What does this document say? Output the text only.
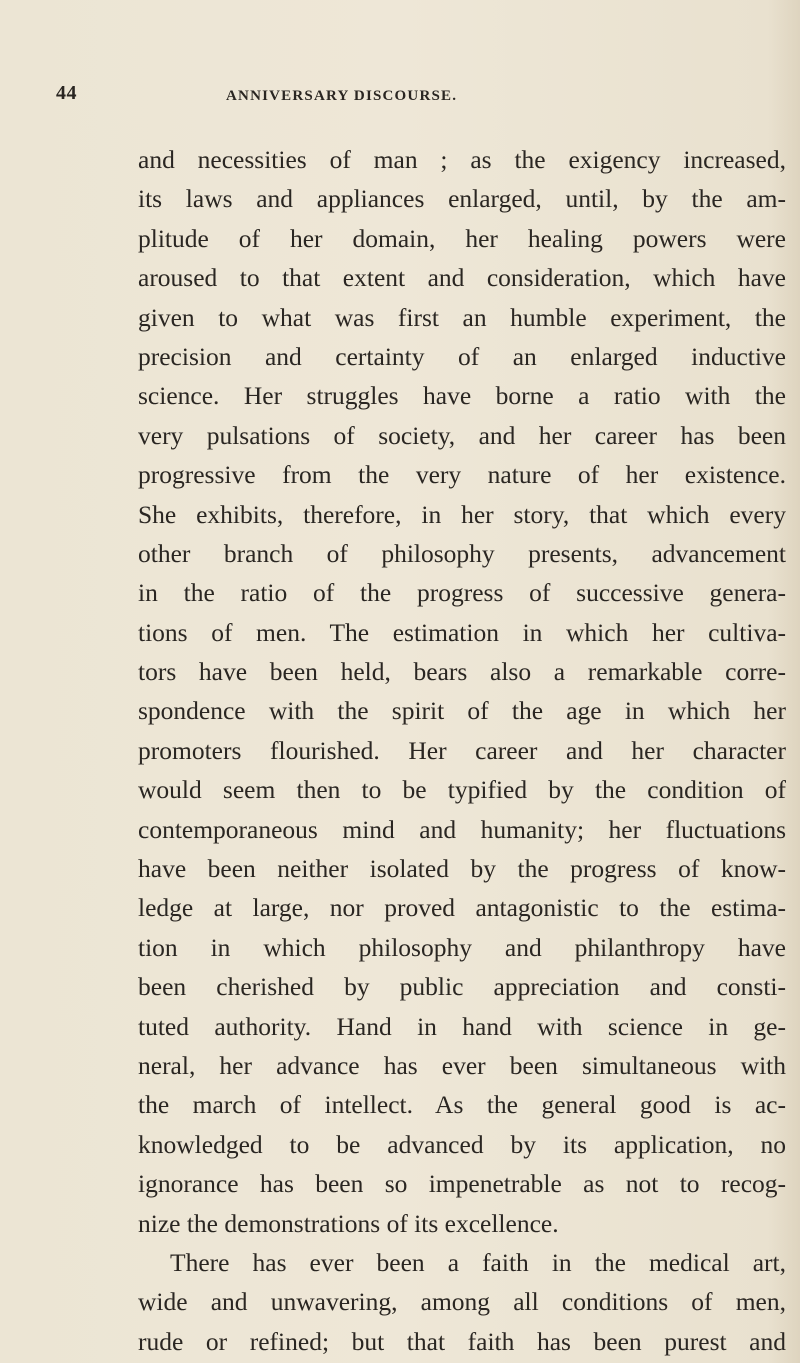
44	ANNIVERSARY DISCOURSE.
and necessities of man ; as the exigency increased,
its laws and appliances enlarged, until, by the am-
plitude of her domain, her healing powers were
aroused to that extent and consideration, which have
given to what was first an humble experiment, the
precision and certainty of an enlarged inductive
science. Her struggles have borne a ratio with the
very pulsations of society, and her career has been
progressive from the very nature of her existence.
She exhibits, therefore, in her story, that which every
other branch of philosophy presents, advancement
in the ratio of the progress of successive genera-
tions of men. The estimation in which her cultiva-
tors have been held, bears also a remarkable corre-
spondence with the spirit of the age in which her
promoters flourished. Her career and her character
would seem then to be typified by the condition of
contemporaneous mind and humanity; her fluctuations
have been neither isolated by the progress of know-
ledge at large, nor proved antagonistic to the estima-
tion in which philosophy and philanthropy have
been cherished by public appreciation and consti-
tuted authority. Hand in hand with science in ge-
neral, her advance has ever been simultaneous with
the march of intellect. As the general good is ac-
knowledged to be advanced by its application, no
ignorance has been so impenetrable as not to recog-
nize the demonstrations of its excellence.
There has ever been a faith in the medical art,
wide and unwavering, among all conditions of men,
rude or refined; but that faith has been purest and
